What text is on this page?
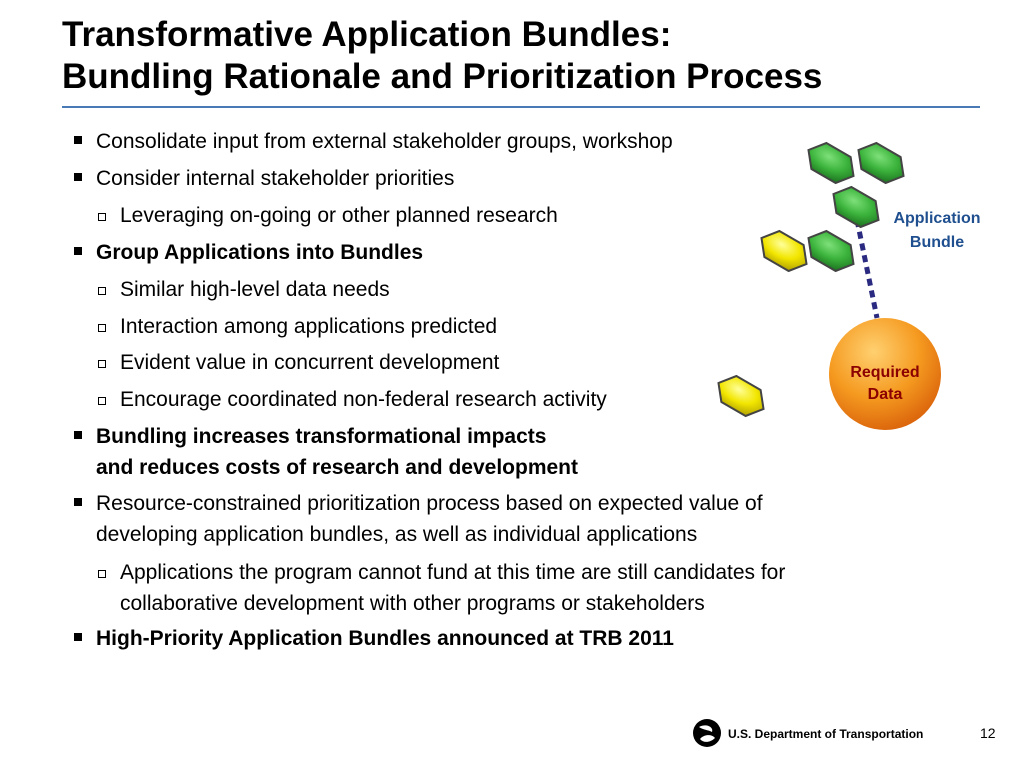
Transformative Application Bundles:
Bundling Rationale and Prioritization Process

Consolidate input from external stakeholder groups, workshop

Consider internal stakeholder priorities

Leveraging on-going or other planned research

Group Applications into Bundles

Similar high-level data needs

Interaction among applications predicted

Evident value in concurrent development

Encourage coordinated non-federal research activity

Bundling increases transformational impacts
and reduces costs of research and development

Resource-constrained prioritization process based on expected value of
developing application bundles, as well as individual applications

Applications the program cannot fund at this time are still candidates for
collaborative development with other programs or stakeholders

High-Priority Application Bundles announced at TRB 2011

Application
Bundle
Required
Data
U.S. Department of Transportation	12
